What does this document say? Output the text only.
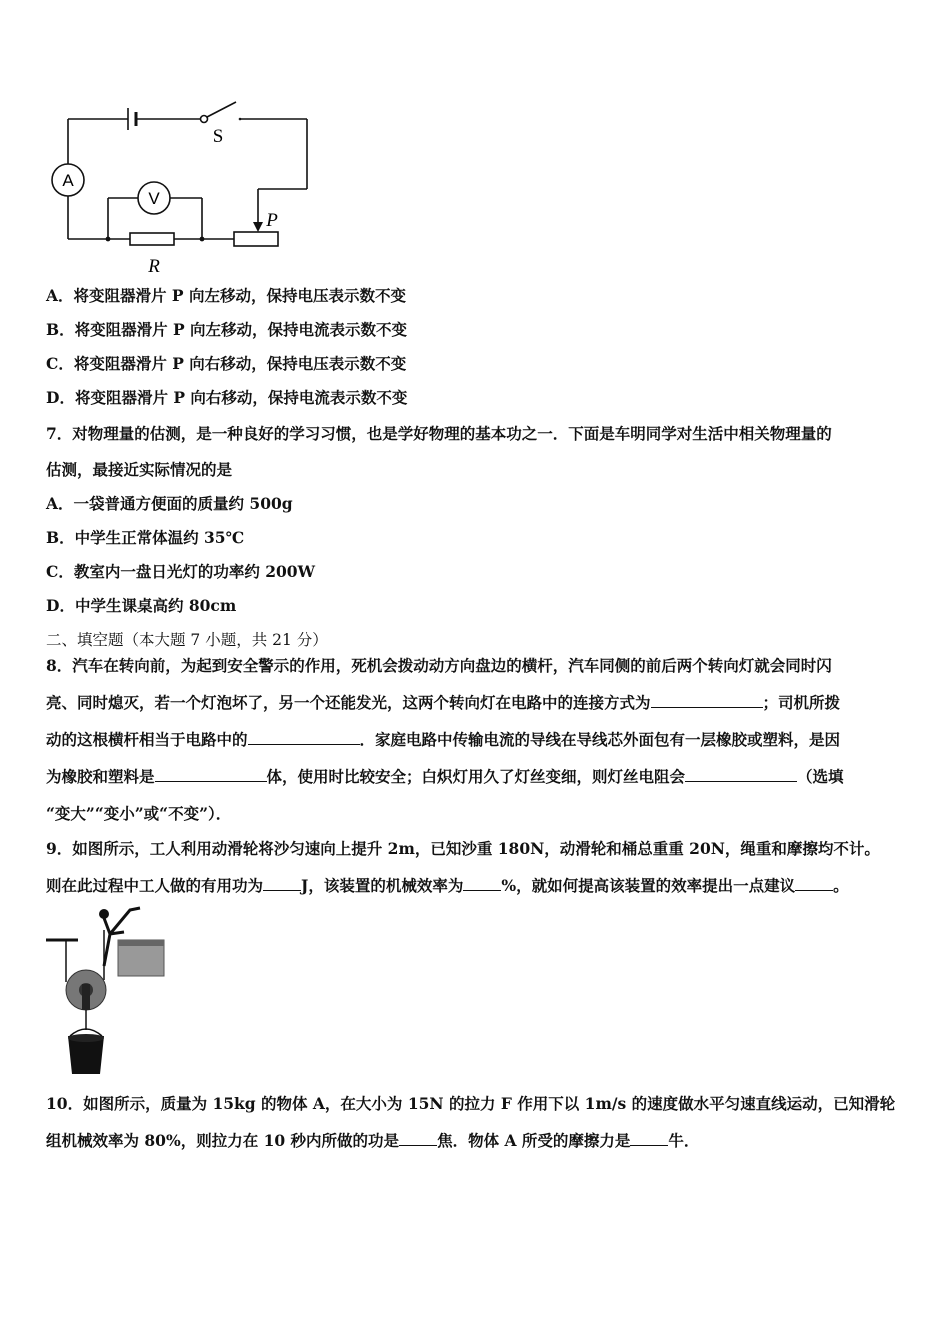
A
V
S
P
R
A．将变阻器滑片 P 向左移动，保持电压表示数不变
B．将变阻器滑片 P 向左移动，保持电流表示数不变
C．将变阻器滑片 P 向右移动，保持电压表示数不变
D．将变阻器滑片 P 向右移动，保持电流表示数不变
7．对物理量的估测，是一种良好的学习习惯，也是学好物理的基本功之一．下面是车明同学对生活中相关物理量的
估测，最接近实际情况的是
A．一袋普通方便面的质量约 500g
B．中学生正常体温约 35℃
C．教室内一盘日光灯的功率约 200W
D．中学生课桌高约 80cm
二、填空题（本大题 7 小题，共 21 分）
8．汽车在转向前，为起到安全警示的作用，死机会拨动动方向盘边的横杆，汽车同侧的前后两个转向灯就会同时闪
亮、同时熄灭，若一个灯泡坏了，另一个还能发光，这两个转向灯在电路中的连接方式为	；司机所拨
动的这根横杆相当于电路中的	．家庭电路中传输电流的导线在导线芯外面包有一层橡胶或塑料，是因
为橡胶和塑料是	体，使用时比较安全；白炽灯用久了灯丝变细，则灯丝电阻会	（选填
“变大”“变小”或“不变”）．
9．如图所示，工人利用动滑轮将沙匀速向上提升 2m，已知沙重 180N，动滑轮和桶总重重 20N，绳重和摩擦均不计。
则在此过程中工人做的有用功为 J，该装置的机械效率为 %，就如何提高该装置的效率提出一点建议 。
10．如图所示，质量为 15kg 的物体 A，在大小为 15N 的拉力 F 作用下以 1m/s 的速度做水平匀速直线运动，已知滑轮
组机械效率为 80%，则拉力在 10 秒内所做的功是 焦．物体 A 所受的摩擦力是 牛．
